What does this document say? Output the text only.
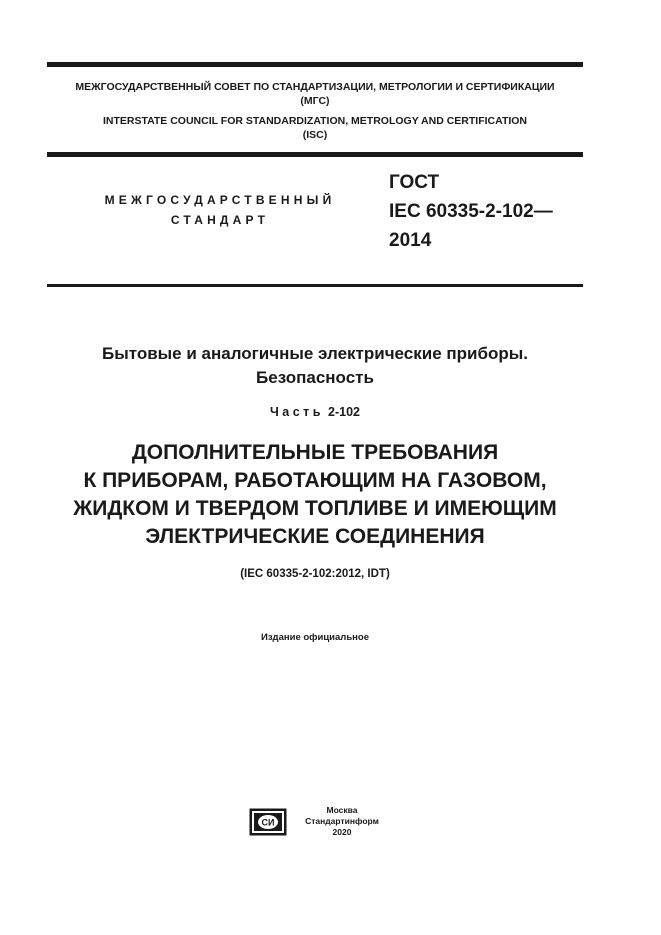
МЕЖГОСУДАРСТВЕННЫЙ СОВЕТ ПО СТАНДАРТИЗАЦИИ, МЕТРОЛОГИИ И СЕРТИФИКАЦИИ
(МГС)
INTERSTATE COUNCIL FOR STANDARDIZATION, METROLOGY AND CERTIFICATION
(ISC)
МЕЖГОСУДАРСТВЕННЫЙ
СТАНДАРТ
ГОСТ
IEC 60335-2-102—
2014
Бытовые и аналогичные электрические приборы.
Безопасность
Часть 2-102
ДОПОЛНИТЕЛЬНЫЕ ТРЕБОВАНИЯ
К ПРИБОРАМ, РАБОТАЮЩИМ НА ГАЗОВОМ,
ЖИДКОМ И ТВЕРДОМ ТОПЛИВЕ И ИМЕЮЩИМ
ЭЛЕКТРИЧЕСКИЕ СОЕДИНЕНИЯ
(IEC 60335-2-102:2012, IDT)
Издание официальное
СИ
Москва
Стандартинформ
2020
